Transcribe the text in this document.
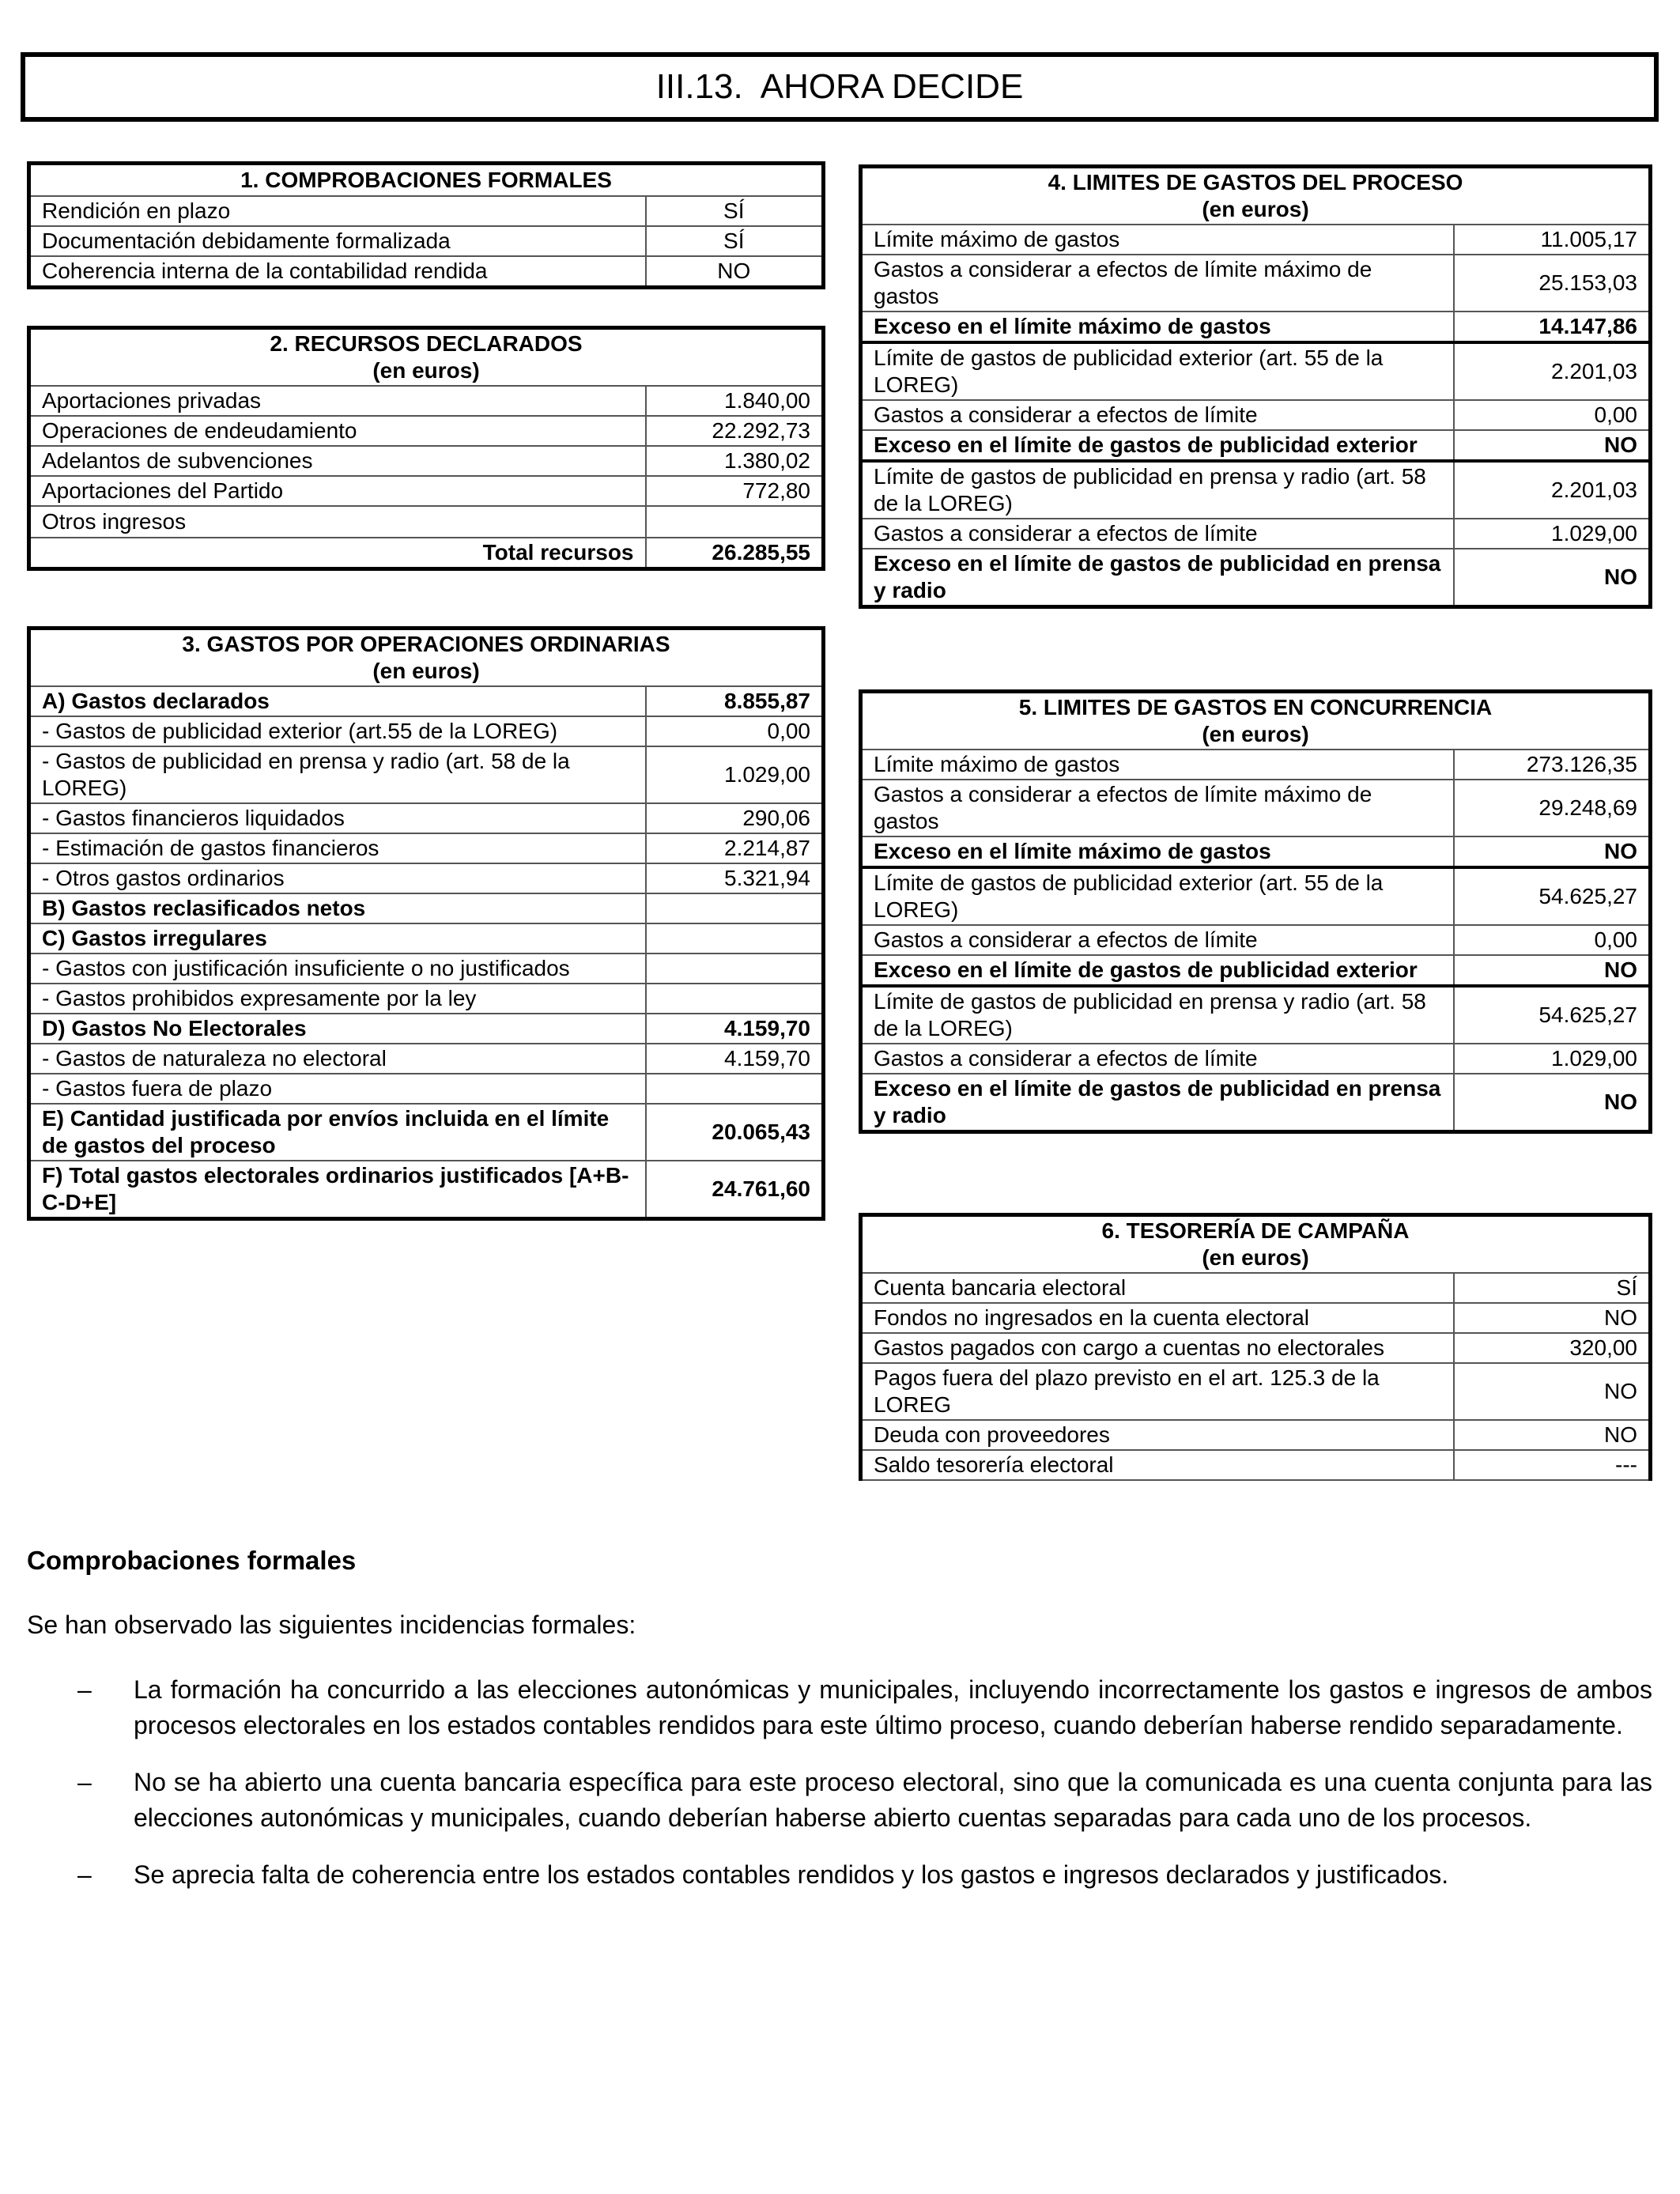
III.13.  AHORA DECIDE
1. COMPROBACIONES FORMALES	

Rendición en plazo	SÍ
Documentación debidamente formalizada	SÍ
Coherencia interna de la contabilidad rendida	NO
2. RECURSOS DECLARADOS
(en euros)	

Aportaciones privadas	1.840,00
Operaciones de endeudamiento	22.292,73
Adelantos de subvenciones	1.380,02
Aportaciones del Partido	772,80
Otros ingresos	
Total recursos	26.285,55
3. GASTOS POR OPERACIONES ORDINARIAS
(en euros)	

A) Gastos declarados	8.855,87
- Gastos de publicidad exterior (art.55 de la LOREG)	0,00
- Gastos de publicidad en prensa y radio (art. 58 de la LOREG)	1.029,00
- Gastos financieros liquidados	290,06
- Estimación de gastos financieros	2.214,87
- Otros gastos ordinarios	5.321,94
B) Gastos reclasificados netos	
C) Gastos irregulares	
- Gastos con justificación insuficiente o no justificados	
- Gastos prohibidos expresamente por la ley	
D) Gastos No Electorales	4.159,70
- Gastos de naturaleza no electoral	4.159,70
- Gastos fuera de plazo	
E) Cantidad justificada por envíos incluida en el límite de gastos del proceso	20.065,43
F) Total gastos electorales ordinarios justificados [A+B-C-D+E]	24.761,60
4. LIMITES DE GASTOS DEL PROCESO
(en euros)	

Límite máximo de gastos	11.005,17
Gastos a considerar a efectos de límite máximo de gastos	25.153,03
Exceso en el límite máximo de gastos	14.147,86
Límite de gastos de publicidad exterior (art. 55 de la LOREG)	2.201,03
Gastos a considerar a efectos de límite	0,00
Exceso en el límite de gastos de publicidad exterior	NO
Límite de gastos de publicidad en prensa y radio (art. 58 de la LOREG)	2.201,03
Gastos a considerar a efectos de límite	1.029,00
Exceso en el límite de gastos de publicidad en prensa y radio	NO
5. LIMITES DE GASTOS EN CONCURRENCIA
(en euros)	

Límite máximo de gastos	273.126,35
Gastos a considerar a efectos de límite máximo de gastos	29.248,69
Exceso en el límite máximo de gastos	NO
Límite de gastos de publicidad exterior (art. 55 de la LOREG)	54.625,27
Gastos a considerar a efectos de límite	0,00
Exceso en el límite de gastos de publicidad exterior	NO
Límite de gastos de publicidad en prensa y radio (art. 58 de la LOREG)	54.625,27
Gastos a considerar a efectos de límite	1.029,00
Exceso en el límite de gastos de publicidad en prensa y radio	NO
6. TESORERÍA DE CAMPAÑA
(en euros)	

Cuenta bancaria electoral	SÍ
Fondos no ingresados en la cuenta electoral	NO
Gastos pagados con cargo a cuentas no electorales	320,00
Pagos fuera del plazo previsto en el art. 125.3 de la LOREG	NO
Deuda con proveedores	NO
Saldo tesorería electoral	---
Comprobaciones formales
Se han observado las siguientes incidencias formales:
–	La formación ha concurrido a las elecciones autonómicas y municipales, incluyendo incorrectamente los gastos e ingresos de ambos procesos electorales en los estados contables rendidos para este último proceso, cuando deberían haberse rendido separadamente.
–	No se ha abierto una cuenta bancaria específica para este proceso electoral, sino que la comunicada es una cuenta conjunta para las elecciones autonómicas y municipales, cuando deberían haberse abierto cuentas separadas para cada uno de los procesos.
–	Se aprecia falta de coherencia entre los estados contables rendidos y los gastos e ingresos declarados y justificados.
